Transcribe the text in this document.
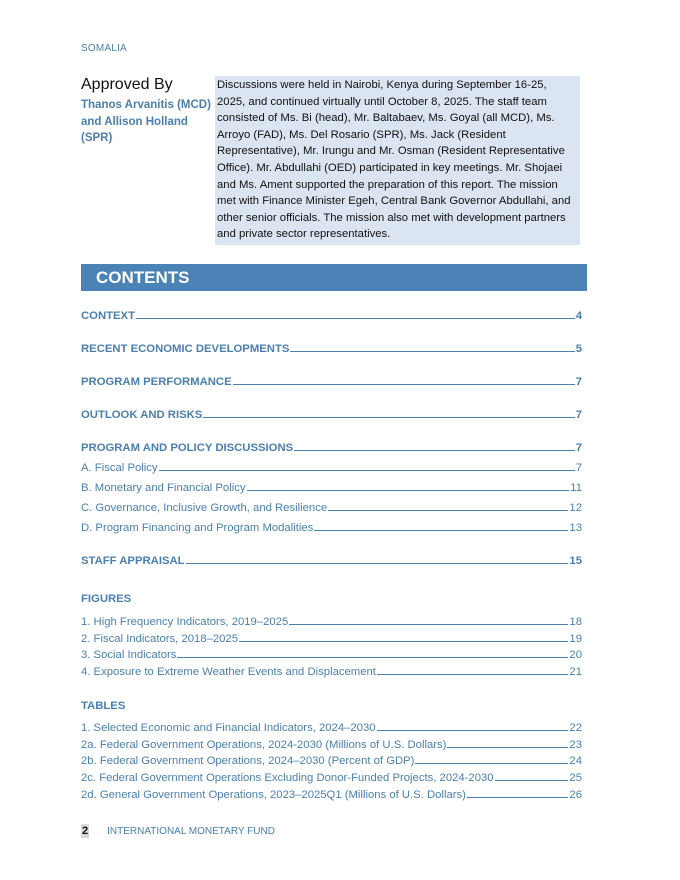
SOMALIA
Approved By
Thanos Arvanitis (MCD) and Allison Holland (SPR)
Discussions were held in Nairobi, Kenya during September 16-25, 2025, and continued virtually until October 8, 2025. The staff team consisted of Ms. Bi (head), Mr. Baltabaev, Ms. Goyal (all MCD), Ms. Arroyo (FAD), Ms. Del Rosario (SPR), Ms. Jack (Resident Representative), Mr. Irungu and Mr. Osman (Resident Representative Office). Mr. Abdullahi (OED) participated in key meetings. Mr. Shojaei and Ms. Ament supported the preparation of this report. The mission met with Finance Minister Egeh, Central Bank Governor Abdullahi, and other senior officials. The mission also met with development partners and private sector representatives.
CONTENTS
CONTEXT	4
RECENT ECONOMIC DEVELOPMENTS	5
PROGRAM PERFORMANCE	7
OUTLOOK AND RISKS	7
PROGRAM AND POLICY DISCUSSIONS	7
A. Fiscal Policy	7
B. Monetary and Financial Policy	11
C. Governance, Inclusive Growth, and Resilience	12
D. Program Financing and Program Modalities	13
STAFF APPRAISAL	15
FIGURES
1. High Frequency Indicators, 2019–2025	18
2. Fiscal Indicators, 2018–2025	19
3. Social Indicators	20
4. Exposure to Extreme Weather Events and Displacement	21
TABLES
1. Selected Economic and Financial Indicators, 2024–2030	22
2a. Federal Government Operations, 2024-2030 (Millions of U.S. Dollars)	23
2b. Federal Government Operations, 2024–2030 (Percent of GDP)	24
2c. Federal Government Operations Excluding Donor-Funded Projects, 2024-2030	25
2d. General Government Operations, 2023–2025Q1 (Millions of U.S. Dollars)	26
2 INTERNATIONAL MONETARY FUND
